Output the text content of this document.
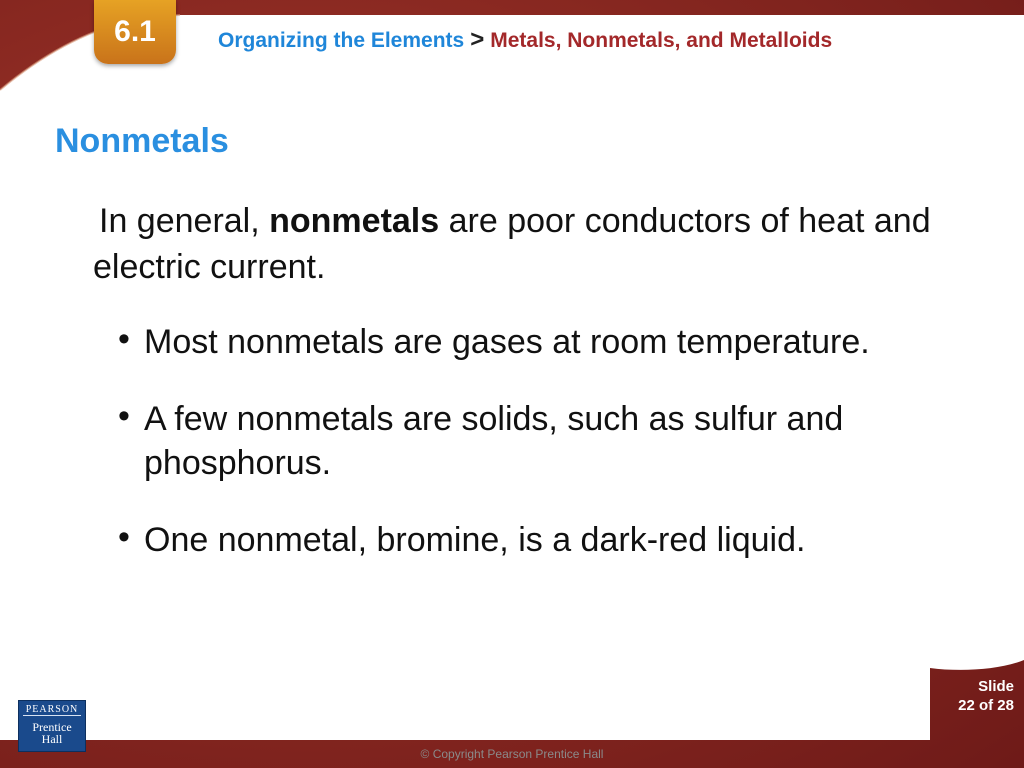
6.1	Organizing the Elements > Metals, Nonmetals, and Metalloids
Nonmetals
In general, nonmetals are poor conductors of heat and electric current.
• Most nonmetals are gases at room temperature.
• A few nonmetals are solids, such as sulfur and phosphorus.
• One nonmetal, bromine, is a dark-red liquid.
Slide
22 of 28
PEARSON
Prentice
Hall
© Copyright Pearson Prentice Hall
